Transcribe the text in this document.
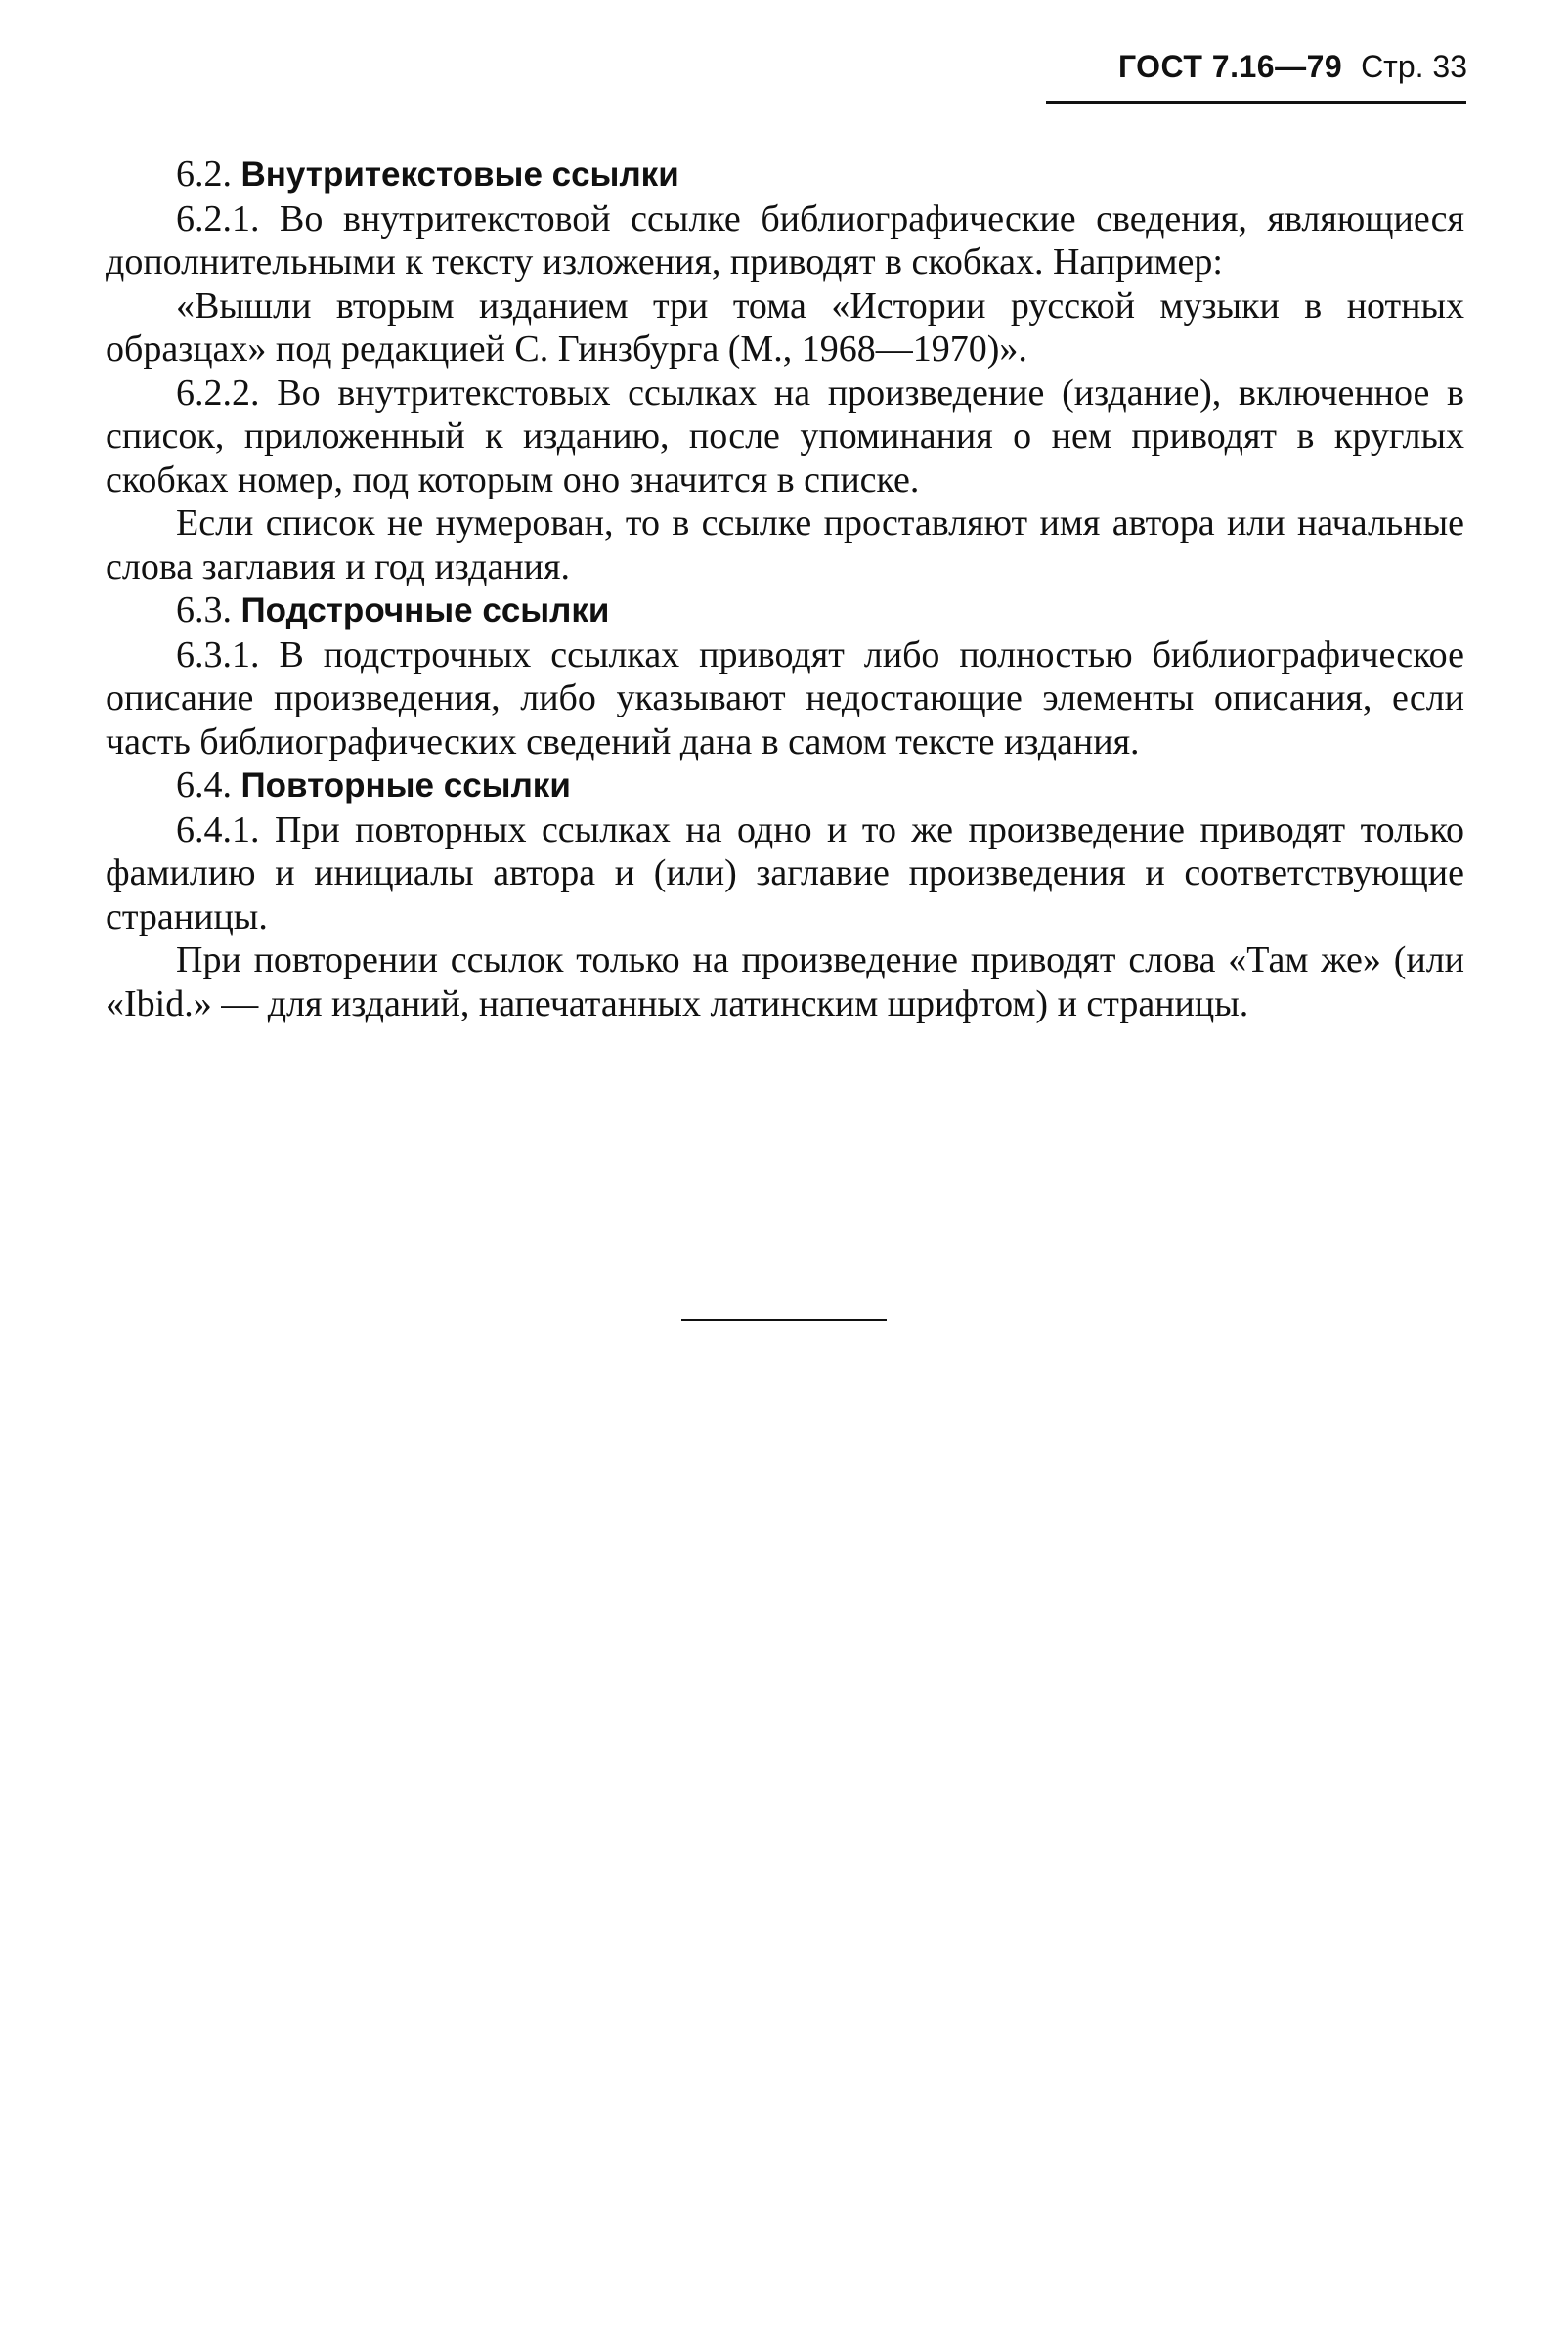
ГОСТ 7.16—79 Стр. 33

6.2. Внутритекстовые ссылки

6.2.1. Во внутритекстовой ссылке библиографические сведения, являющиеся дополнительными к тексту изложения, приводят в скобках. Например:

«Вышли вторым изданием три тома «Истории русской музыки в нотных образцах» под редакцией С. Гинзбурга (М., 1968—1970)».

6.2.2. Во внутритекстовых ссылках на произведение (издание), включенное в список, приложенный к изданию, после упоминания о нем приводят в круглых скобках номер, под которым оно значится в списке.

Если список не нумерован, то в ссылке проставляют имя автора или начальные слова заглавия и год издания.

6.3. Подстрочные ссылки

6.3.1. В подстрочных ссылках приводят либо полностью библиографическое описание произведения, либо указывают недостающие элементы описания, если часть библиографических сведений дана в самом тексте издания.

6.4. Повторные ссылки

6.4.1. При повторных ссылках на одно и то же произведение приводят только фамилию и инициалы автора и (или) заглавие произведения и соответствующие страницы.

При повторении ссылок только на произведение приводят слова «Там же» (или «Ibid.» — для изданий, напечатанных латинским шрифтом) и страницы.
